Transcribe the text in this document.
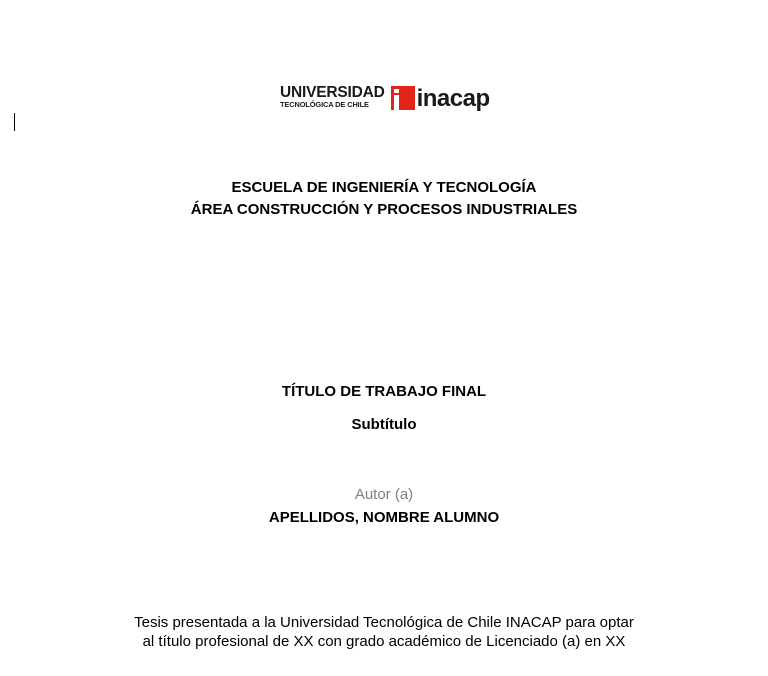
UNIVERSIDAD
TECNOLÓGICA DE CHILE	inacap
ESCUELA DE INGENIERÍA Y TECNOLOGÍA
ÁREA CONSTRUCCIÓN Y PROCESOS INDUSTRIALES
TÍTULO DE TRABAJO FINAL
Subtítulo
Autor (a)
APELLIDOS, NOMBRE ALUMNO
Tesis presentada a la Universidad Tecnológica de Chile INACAP para optar
al título profesional de XX con grado académico de Licenciado (a) en XX
